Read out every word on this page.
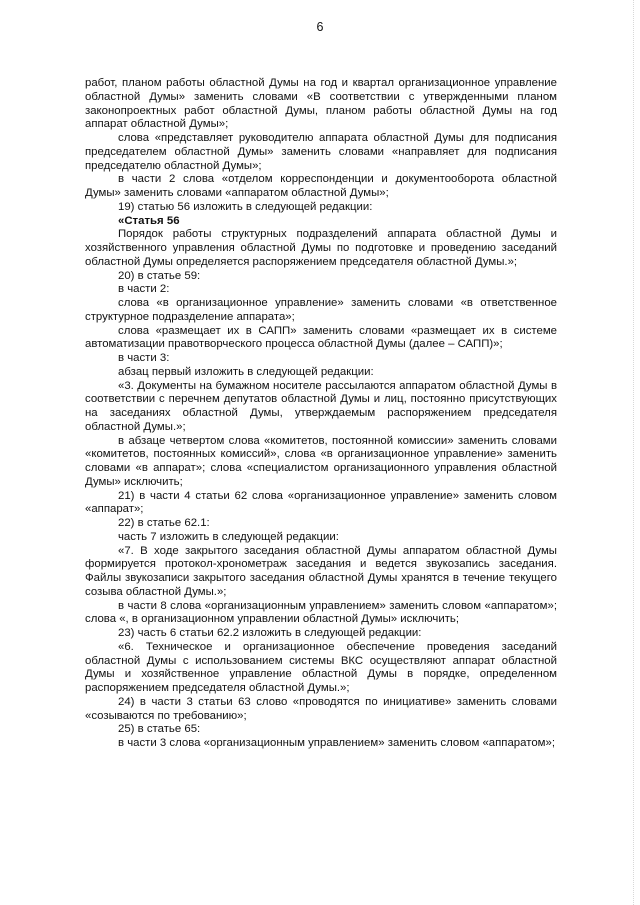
6

работ, планом работы областной Думы на год и квартал организационное управление областной Думы» заменить словами «В соответствии с утвержденными планом законопроектных работ областной Думы, планом работы областной Думы на год аппарат областной Думы»;

слова «представляет руководителю аппарата областной Думы для подписания председателем областной Думы» заменить словами «направляет для подписания председателю областной Думы»;

в части 2 слова «отделом корреспонденции и документооборота областной Думы» заменить словами «аппаратом областной Думы»;

19) статью 56 изложить в следующей редакции:

«Статья 56

Порядок работы структурных подразделений аппарата областной Думы и хозяйственного управления областной Думы по подготовке и проведению заседаний областной Думы определяется распоряжением председателя областной Думы.»;

20) в статье 59:

в части 2:

слова «в организационное управление» заменить словами «в ответственное структурное подразделение аппарата»;

слова «размещает их в САПП» заменить словами «размещает их в системе автоматизации правотворческого процесса областной Думы (далее – САПП)»;

в части 3:

абзац первый изложить в следующей редакции:

«3. Документы на бумажном носителе рассылаются аппаратом областной Думы в соответствии с перечнем депутатов областной Думы и лиц, постоянно присутствующих на заседаниях областной Думы, утверждаемым распоряжением председателя областной Думы.»;

в абзаце четвертом слова «комитетов, постоянной комиссии» заменить словами «комитетов, постоянных комиссий», слова «в организационное управление» заменить словами «в аппарат»; слова «специалистом организационного управления областной Думы» исключить;

21) в части 4 статьи 62 слова «организационное управление» заменить словом «аппарат»;

22) в статье 62.1:

часть 7 изложить в следующей редакции:

«7. В ходе закрытого заседания областной Думы аппаратом областной Думы формируется протокол-хронометраж заседания и ведется звукозапись заседания. Файлы звукозаписи закрытого заседания областной Думы хранятся в течение текущего созыва областной Думы.»;

в части 8 слова «организационным управлением» заменить словом «аппаратом»; слова «, в организационном управлении областной Думы» исключить;

23) часть 6 статьи 62.2 изложить в следующей редакции:

«6. Техническое и организационное обеспечение проведения заседаний областной Думы с использованием системы ВКС осуществляют аппарат областной Думы и хозяйственное управление областной Думы в порядке, определенном распоряжением председателя областной Думы.»;

24) в части 3 статьи 63 слово «проводятся по инициативе» заменить словами «созываются по требованию»;

25) в статье 65:

в части 3 слова «организационным управлением» заменить словом «аппаратом»;
